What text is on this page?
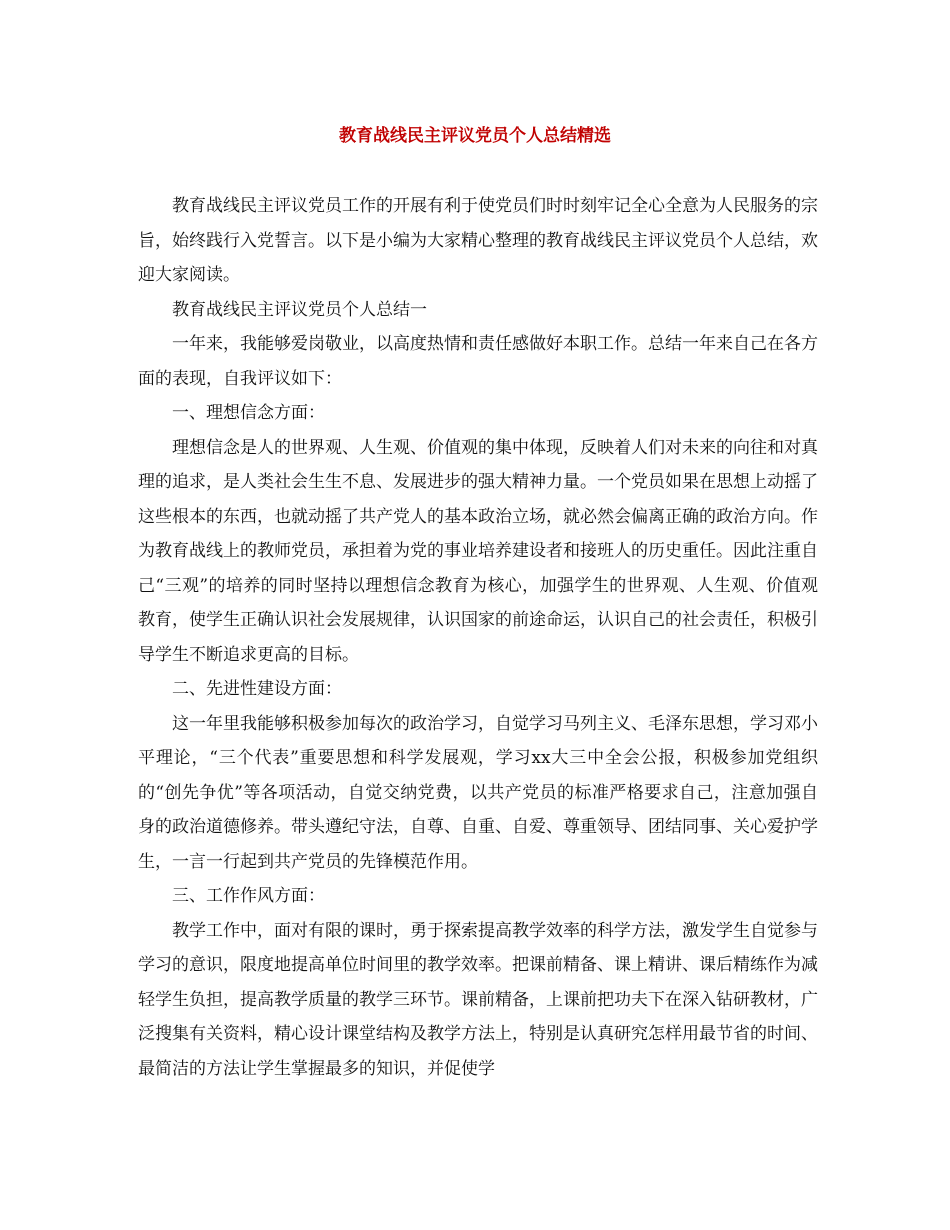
教育战线民主评议党员个人总结精选

教育战线民主评议党员工作的开展有利于使党员们时时刻牢记全心全意为人民服务的宗旨，始终践行入党誓言。以下是小编为大家精心整理的教育战线民主评议党员个人总结，欢迎大家阅读。

教育战线民主评议党员个人总结一

一年来，我能够爱岗敬业，以高度热情和责任感做好本职工作。总结一年来自己在各方面的表现，自我评议如下：

一、理想信念方面：

理想信念是人的世界观、人生观、价值观的集中体现，反映着人们对未来的向往和对真理的追求，是人类社会生生不息、发展进步的强大精神力量。一个党员如果在思想上动摇了这些根本的东西，也就动摇了共产党人的基本政治立场，就必然会偏离正确的政治方向。作为教育战线上的教师党员，承担着为党的事业培养建设者和接班人的历史重任。因此注重自己“三观”的培养的同时坚持以理想信念教育为核心，加强学生的世界观、人生观、价值观教育，使学生正确认识社会发展规律，认识国家的前途命运，认识自己的社会责任，积极引导学生不断追求更高的目标。

二、先进性建设方面：

这一年里我能够积极参加每次的政治学习，自觉学习马列主义、毛泽东思想，学习邓小平理论，“三个代表”重要思想和科学发展观，学习xx大三中全会公报，积极参加党组织的“创先争优”等各项活动，自觉交纳党费，以共产党员的标准严格要求自己，注意加强自身的政治道德修养。带头遵纪守法，自尊、自重、自爱、尊重领导、团结同事、关心爱护学生，一言一行起到共产党员的先锋模范作用。

三、工作作风方面：

教学工作中，面对有限的课时，勇于探索提高教学效率的科学方法，激发学生自觉参与学习的意识，限度地提高单位时间里的教学效率。把课前精备、课上精讲、课后精练作为减轻学生负担，提高教学质量的教学三环节。课前精备，上课前把功夫下在深入钻研教材，广泛搜集有关资料，精心设计课堂结构及教学方法上，特别是认真研究怎样用最节省的时间、最简洁的方法让学生掌握最多的知识，并促使学
